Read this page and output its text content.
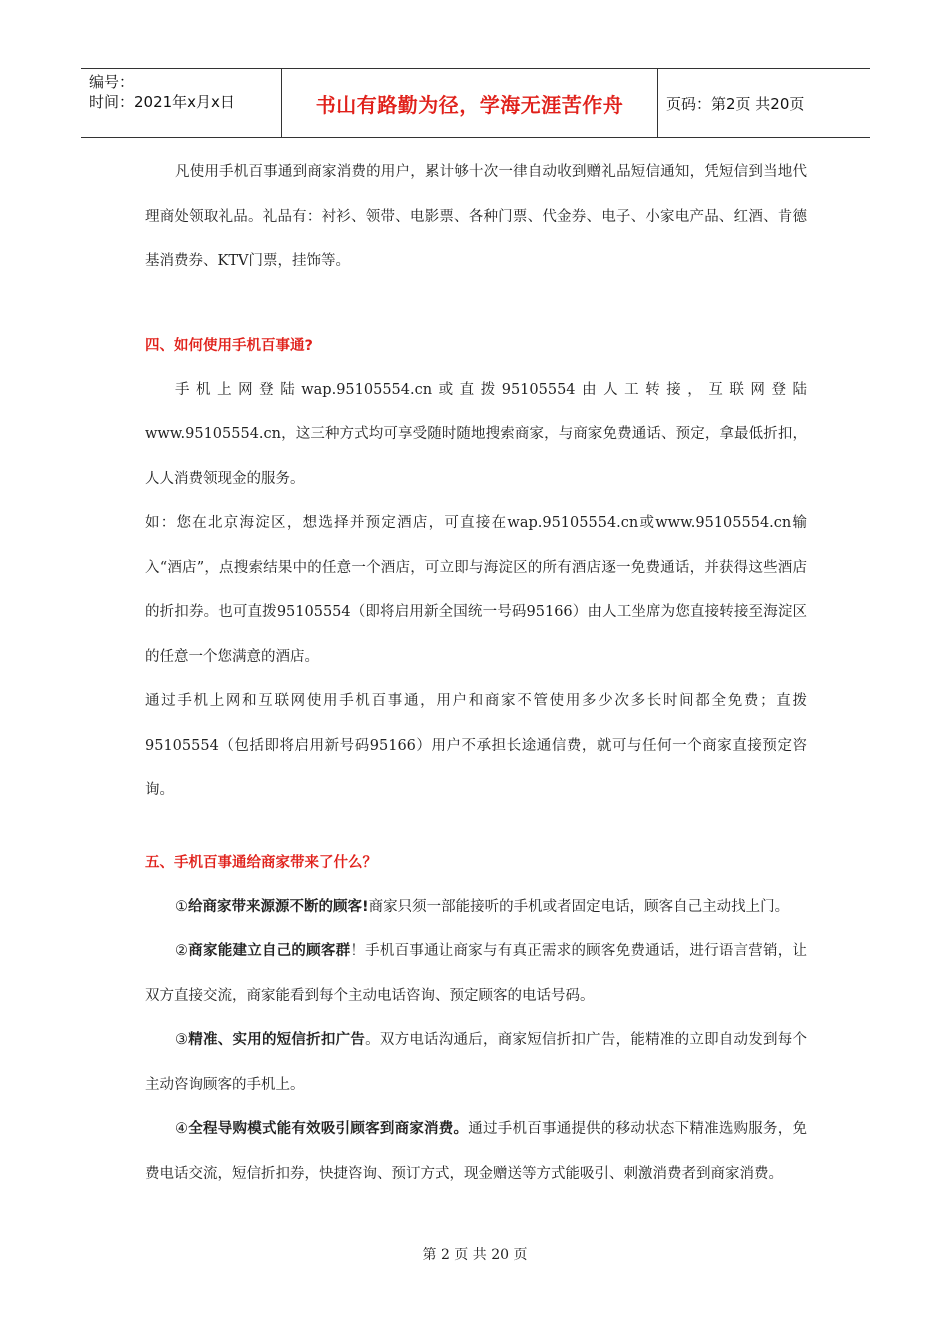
编号：
时间：2021年x月x日	书山有路勤为径，学海无涯苦作舟	页码：第2页 共20页

凡使用手机百事通到商家消费的用户，累计够十次一律自动收到赠礼品短信通知，凭短信到当地代理商处领取礼品。礼品有：衬衫、领带、电影票、各种门票、代金券、电子、小家电产品、红酒、肯德基消费券、KTV门票，挂饰等。

四、如何使用手机百事通?

手机上网登陆wap.95105554.cn或直拨95105554由人工转接，互联网登陆www.95105554.cn，这三种方式均可享受随时随地搜索商家，与商家免费通话、预定，拿最低折扣，人人消费领现金的服务。

如：您在北京海淀区，想选择并预定酒店，可直接在wap.95105554.cn或www.95105554.cn输入“酒店”，点搜索结果中的任意一个酒店，可立即与海淀区的所有酒店逐一免费通话，并获得这些酒店的折扣券。也可直拨95105554（即将启用新全国统一号码95166）由人工坐席为您直接转接至海淀区的任意一个您满意的酒店。

通过手机上网和互联网使用手机百事通，用户和商家不管使用多少次多长时间都全免费；直拨95105554（包括即将启用新号码95166）用户不承担长途通信费，就可与任何一个商家直接预定咨询。

五、手机百事通给商家带来了什么？

①给商家带来源源不断的顾客!商家只须一部能接听的手机或者固定电话，顾客自己主动找上门。

②商家能建立自己的顾客群！手机百事通让商家与有真正需求的顾客免费通话，进行语言营销，让双方直接交流，商家能看到每个主动电话咨询、预定顾客的电话号码。

③精准、实用的短信折扣广告。双方电话沟通后，商家短信折扣广告，能精准的立即自动发到每个主动咨询顾客的手机上。

④全程导购模式能有效吸引顾客到商家消费。通过手机百事通提供的移动状态下精准选购服务，免费电话交流，短信折扣券，快捷咨询、预订方式，现金赠送等方式能吸引、刺激消费者到商家消费。

第 2 页 共 20 页
